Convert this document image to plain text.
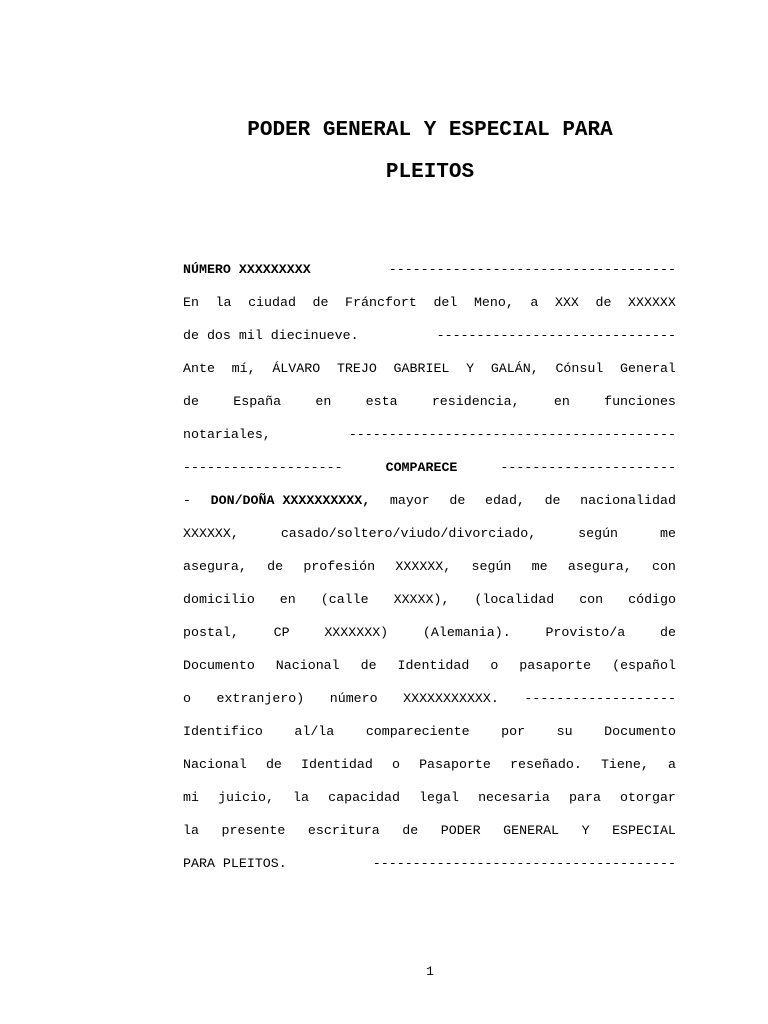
PODER GENERAL Y ESPECIAL PARA
PLEITOS
NÚMERO XXXXXXXXX	------------------------------------
En la ciudad de Fráncfort del Meno, a XXX de XXXXXX
de dos mil diecinueve.	------------------------------
Ante mí, ÁLVARO TREJO GABRIEL Y GALÁN, Cónsul General
de	España	en	esta	residencia,	en	funciones
notariales,	-----------------------------------------
--------------------	COMPARECE	----------------------
- DON/DOÑA XXXXXXXXXX, mayor de edad, de nacionalidad
XXXXXX,	casado/soltero/viudo/divorciado,	según	me
asegura, de profesión XXXXXX, según me asegura, con
domicilio en (calle XXXXX), (localidad con código
postal,	CP	XXXXXXX)	(Alemania).	Provisto/a	de
Documento Nacional de Identidad o pasaporte (español
o extranjero) número XXXXXXXXXXX. -------------------
Identifico al/la compareciente por su Documento
Nacional de Identidad o Pasaporte reseñado. Tiene, a
mi juicio, la capacidad legal necesaria para otorgar
la presente escritura de PODER GENERAL Y ESPECIAL
PARA PLEITOS.	--------------------------------------
1
